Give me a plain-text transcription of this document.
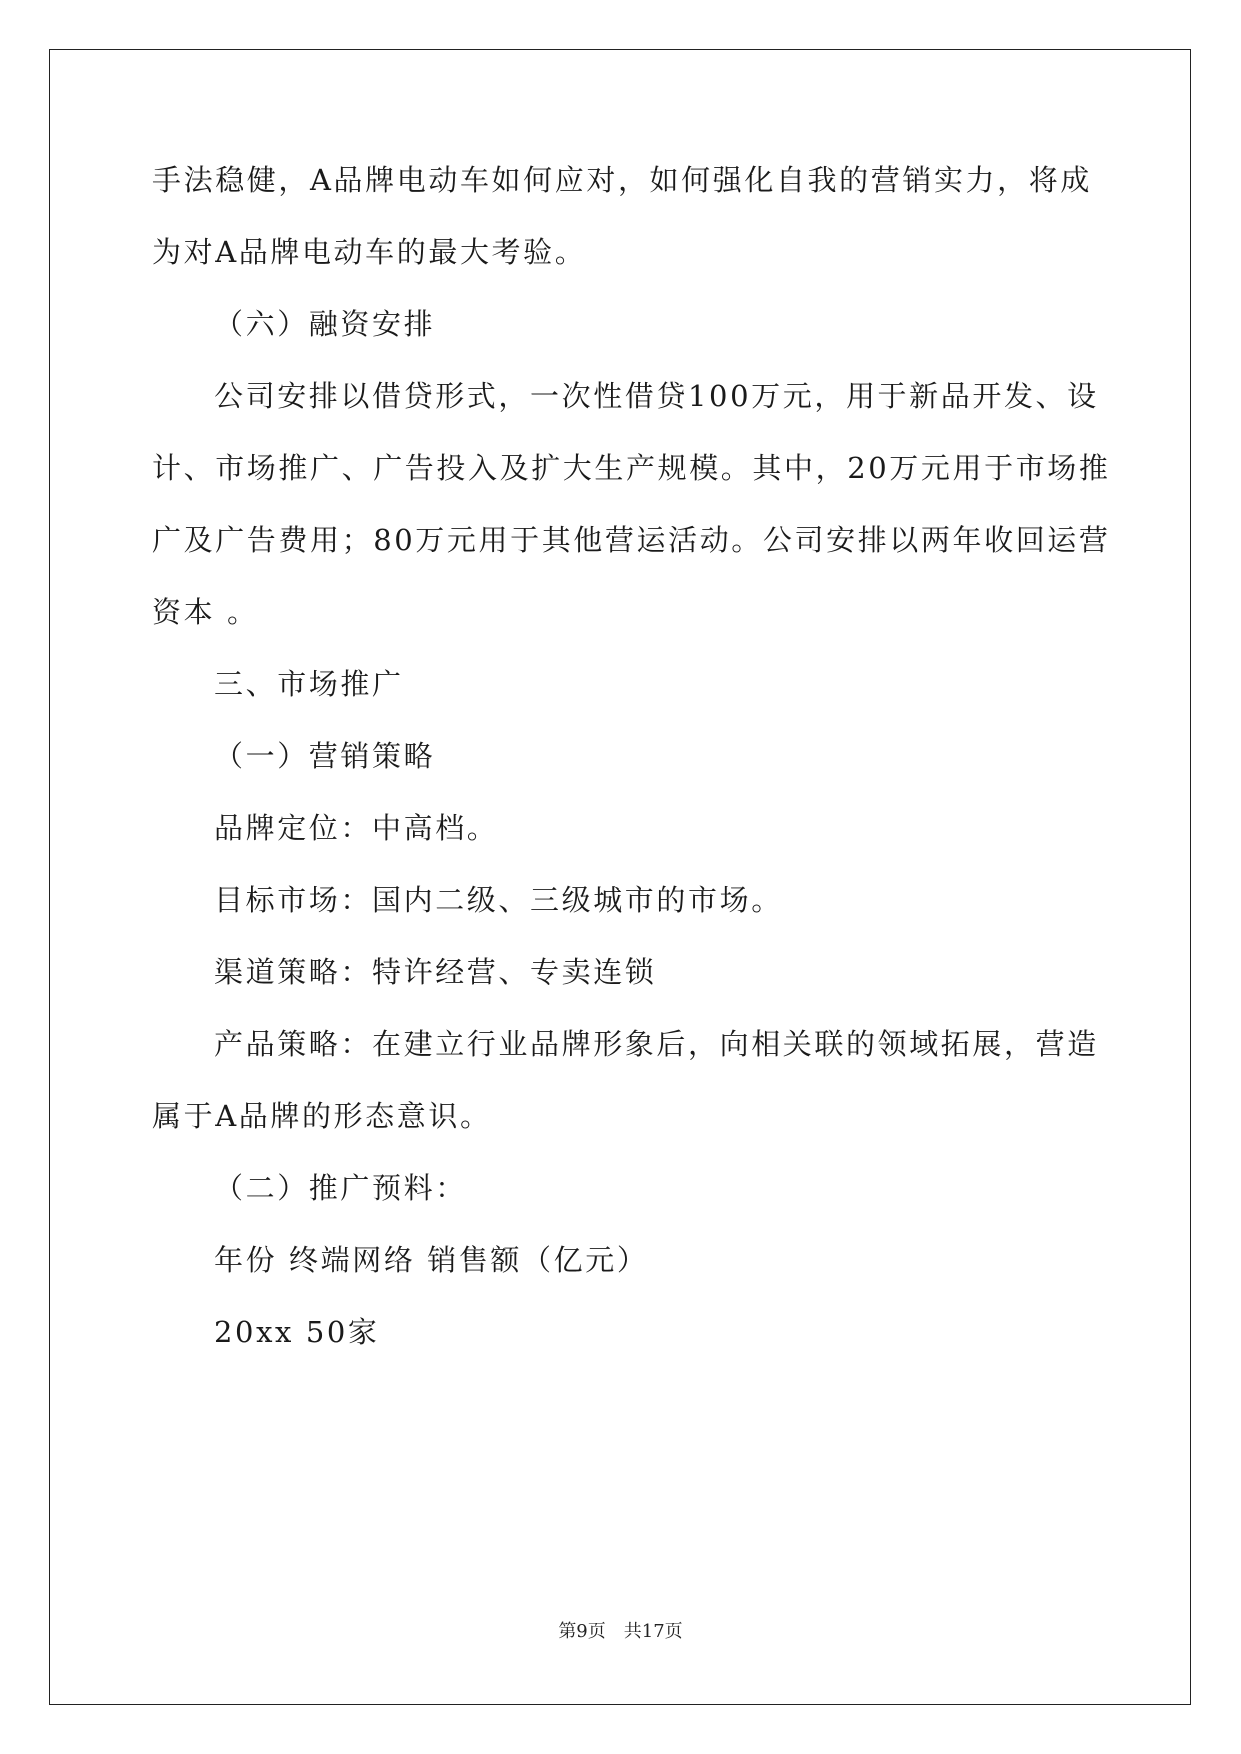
手法稳健，A品牌电动车如何应对，如何强化自我的营销实力，将成
为对A品牌电动车的最大考验。
（六）融资安排
公司安排以借贷形式，一次性借贷100万元，用于新品开发、设
计、市场推广、广告投入及扩大生产规模。其中，20万元用于市场推
广及广告费用；80万元用于其他营运活动。公司安排以两年收回运营
资本 。
三、市场推广
（一）营销策略
品牌定位：中高档。
目标市场：国内二级、三级城市的市场。
渠道策略：特许经营、专卖连锁
产品策略：在建立行业品牌形象后，向相关联的领域拓展，营造
属于A品牌的形态意识。
（二）推广预料：
年份 终端网络 销售额（亿元）
20xx 50家
第9页　共17页
